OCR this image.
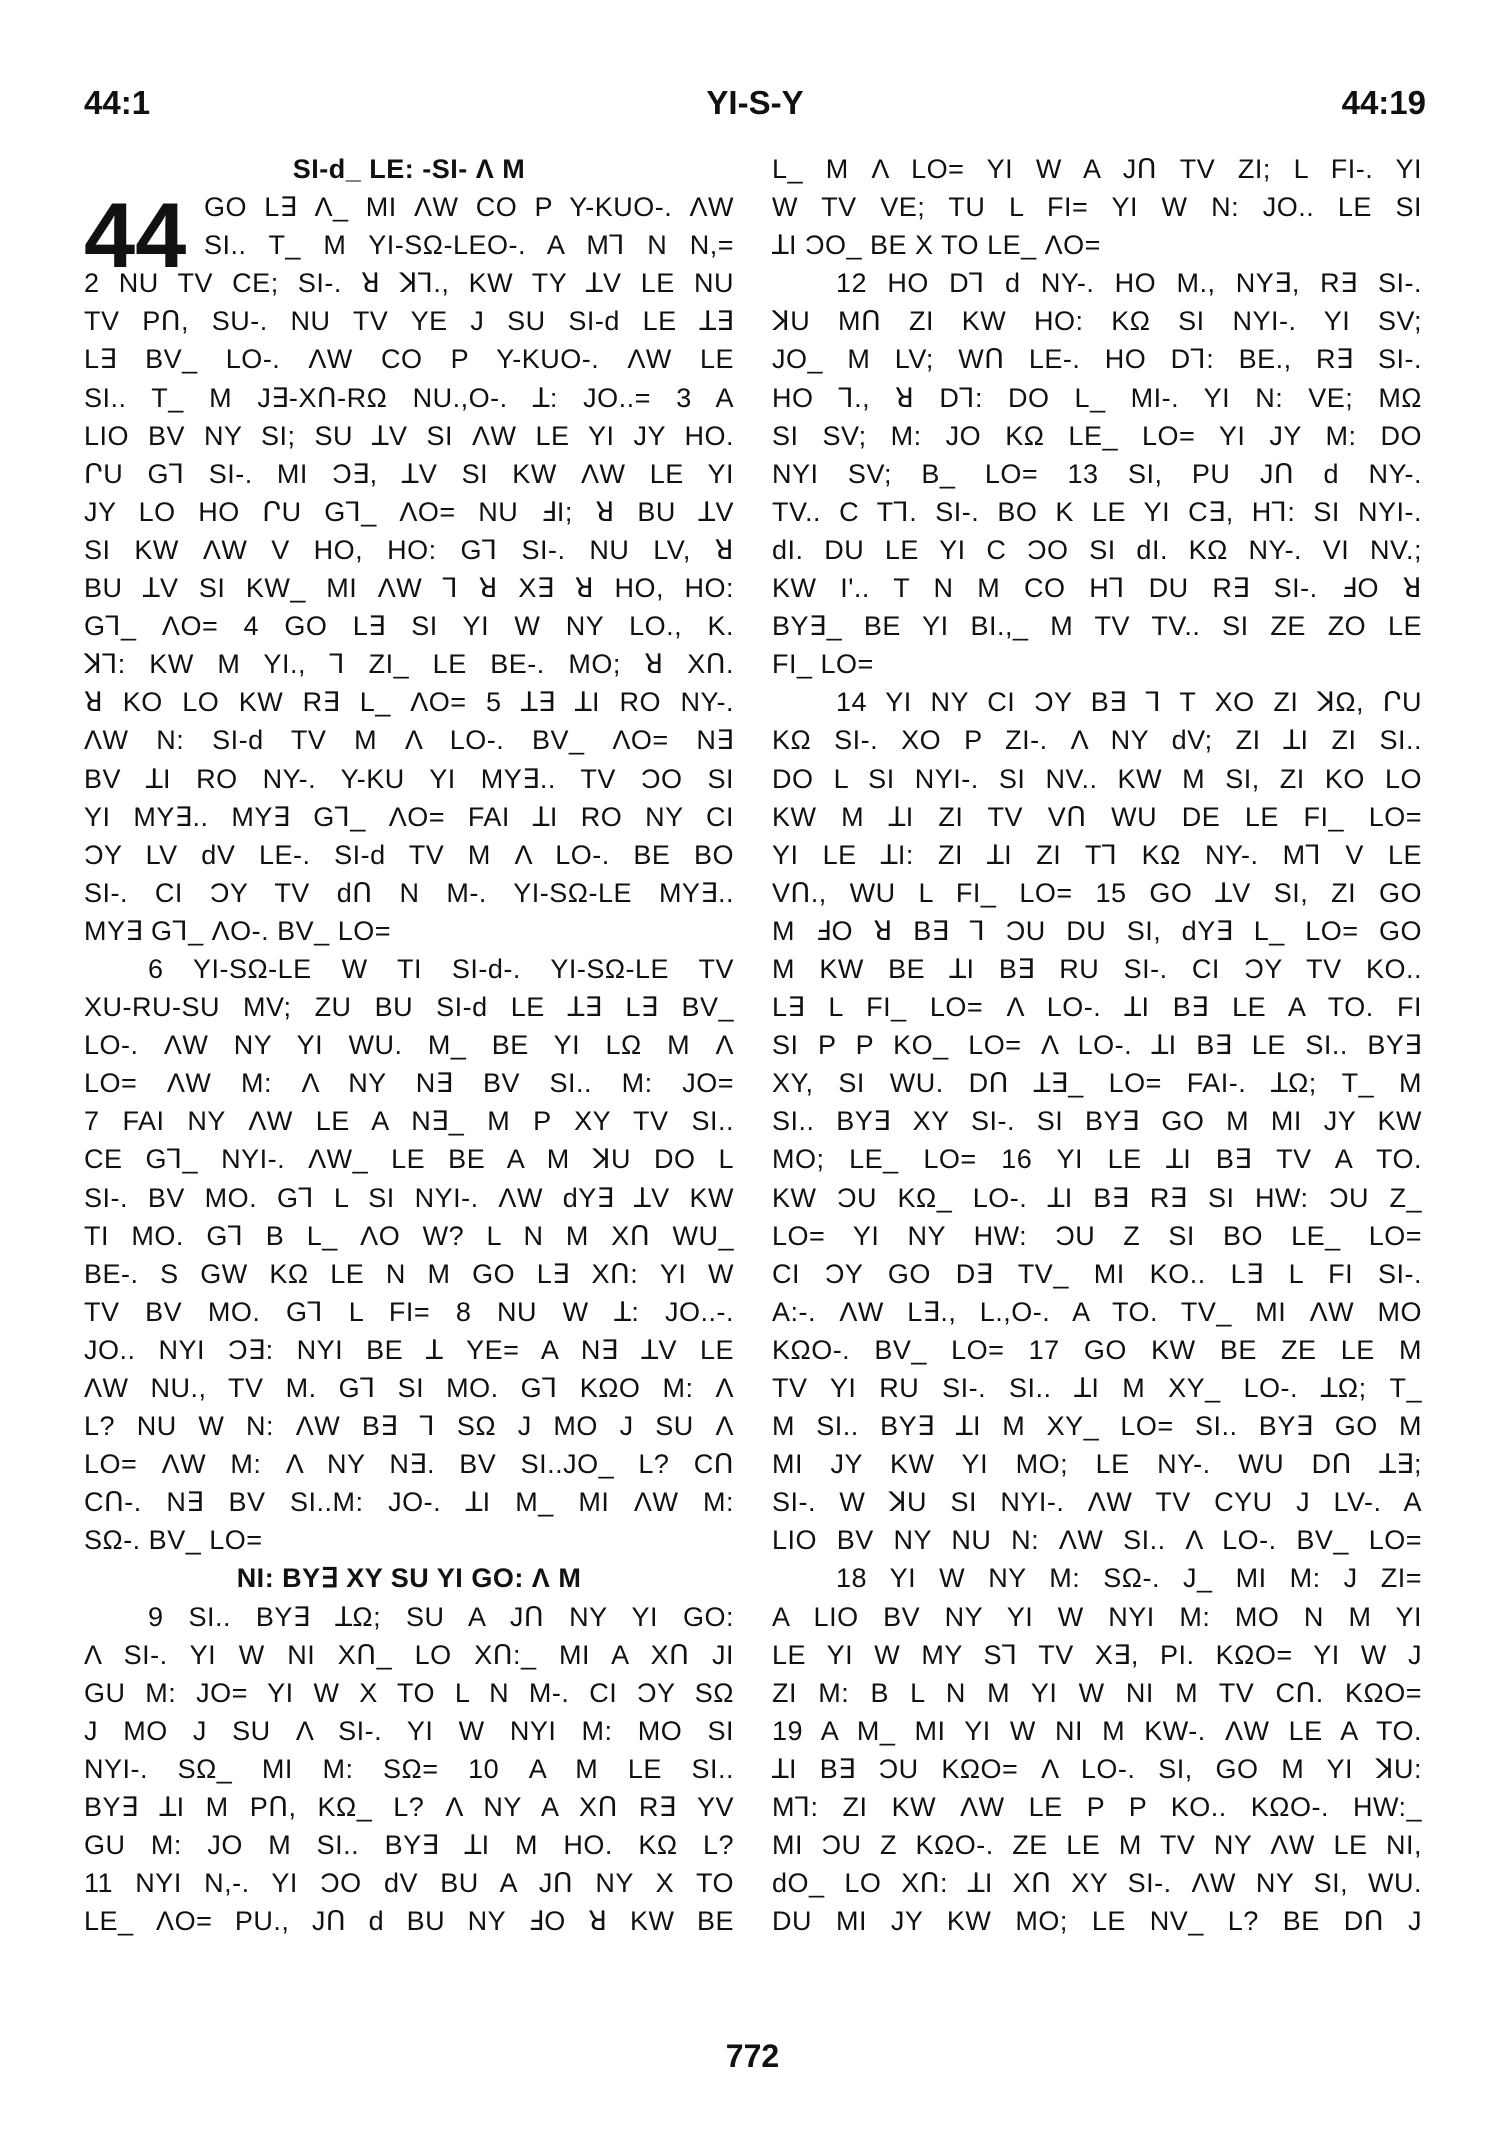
44:1	YI-S-Y	44:19
SI-d_ LE: -SI- Λ M
44 GO L∃ Λ_ MI ΛW CO P Y-KUO-. ΛW
SI.. T_ M YI-SΩ-LEO-. A M⅂ N N,=
2 NU TV CE; SI-. ꓤ ꓘ⅂., KW TY ꓕV LE NU
TV PՈ, SU-. NU TV YE J SU SI-d LE ꓕ∃
L∃ BV_ LO-. ΛW CO P Y-KUO-. ΛW LE
SI.. T_ M J∃-XՈ-RΩ NU.,O-. ꓕ: JO..= 3 A
LIO BV NY SI; SU ꓕV SI ΛW LE YI JY HO.
ՐU G⅂ SI-. MI Ɔ∃, ꓕV SI KW ΛW LE YI
JY LO HO ՐU G⅂_ ΛO= NU ꓞI; ꓤ BU ꓕV
SI KW ΛW V HO, HO: G⅂ SI-. NU LV, ꓤ
BU ꓕV SI KW_ MI ΛW ⅂ ꓤ X∃ ꓤ HO, HO:
G⅂_ ΛO= 4 GO L∃ SI YI W NY LO., K.
ꓘ⅂: KW M YI., ⅂ ZI_ LE BE-. MO; ꓤ XՈ.
ꓤ KO LO KW R∃ L_ ΛO= 5 ꓕ∃ ꓕI RO NY-.
ΛW N: SI-d TV M Λ LO-. BV_ ΛO= N∃
BV ꓕI RO NY-. Y-KU YI MY∃.. TV ƆO SI
YI MY∃.. MY∃ G⅂_ ΛO= FAI ꓕI RO NY CI
ƆY LV dV LE-. SI-d TV M Λ LO-. BE BO
SI-. CI ƆY TV dՈ N M-. YI-SΩ-LE MY∃..
MY∃ G⅂_ ΛO-. BV_ LO=
6 YI-SΩ-LE W TI SI-d-. YI-SΩ-LE TV
XU-RU-SU MV; ZU BU SI-d LE ꓕ∃ L∃ BV_
LO-. ΛW NY YI WU. M_ BE YI LΩ M Λ
LO= ΛW M: Λ NY N∃ BV SI.. M: JO=
7 FAI NY ΛW LE A N∃_ M P XY TV SI..
CE G⅂_ NYI-. ΛW_ LE BE A M ꓘU DO L
SI-. BV MO. G⅂ L SI NYI-. ΛW dY∃ ꓕV KW
TI MO. G⅂ B L_ ΛO W? L N M XՈ WU_
BE-. S GW KΩ LE N M GO L∃ XՈ: YI W
TV BV MO. G⅂ L FI= 8 NU W ꓕ: JO..-.
JO.. NYI Ɔ∃: NYI BE ꓕ YE= A N∃ ꓕV LE
ΛW NU., TV M. G⅂ SI MO. G⅂ KΩO M: Λ
L? NU W N: ΛW B∃ ⅂ SΩ J MO J SU Λ
LO= ΛW M: Λ NY N∃. BV SI..JO_ L? CՈ
CՈ-. N∃ BV SI..M: JO-. ꓕI M_ MI ΛW M:
SΩ-. BV_ LO=
NI: BY∃ XY SU YI GO: Λ M
9 SI.. BY∃ ꓕΩ; SU A JՈ NY YI GO:
Λ SI-. YI W NI XՈ_ LO XՈ:_ MI A XՈ JI
GU M: JO= YI W X TO L N M-. CI ƆY SΩ
J MO J SU Λ SI-. YI W NYI M: MO SI
NYI-. SΩ_ MI M: SΩ= 10 A M LE SI..
BY∃ ꓕI M PՈ, KΩ_ L? Λ NY A XՈ R∃ YV
GU M: JO M SI.. BY∃ ꓕI M HO. KΩ L?
11 NYI N,-. YI ƆO dV BU A JՈ NY X TO
LE_ ΛO= PU., JՈ d BU NY ꓞO ꓤ KW BE
L_ M Λ LO= YI W A JՈ TV ZI; L FI-. YI
W TV VE; TU L FI= YI W N: JO.. LE SI
ꓕI ƆO_ BE X TO LE_ ΛO=
12 HO D⅂ d NY-. HO M., NY∃, R∃ SI-.
ꓘU MՈ ZI KW HO: KΩ SI NYI-. YI SV;
JO_ M LV; WՈ LE-. HO D⅂: BE., R∃ SI-.
HO ⅂., ꓤ D⅂: DO L_ MI-. YI N: VE; MΩ
SI SV; M: JO KΩ LE_ LO= YI JY M: DO
NYI SV; B_ LO= 13 SI, PU JՈ d NY-.
TV.. C T⅂. SI-. BO K LE YI C∃, H⅂: SI NYI-.
dI. DU LE YI C ƆO SI dI. KΩ NY-. VI NV.;
KW I'.. T N M CO H⅂ DU R∃ SI-. ꓞO ꓤ
BY∃_ BE YI BI.,_ M TV TV.. SI ZE ZO LE
FI_ LO=
14 YI NY CI ƆY B∃ ⅂ T XO ZI ꓘΩ, ՐU
KΩ SI-. XO P ZI-. Λ NY dV; ZI ꓕI ZI SI..
DO L SI NYI-. SI NV.. KW M SI, ZI KO LO
KW M ꓕI ZI TV VՈ WU DE LE FI_ LO=
YI LE ꓕI: ZI ꓕI ZI T⅂ KΩ NY-. M⅂ V LE
VՈ., WU L FI_ LO= 15 GO ꓕV SI, ZI GO
M ꓞO ꓤ B∃ ⅂ ƆU DU SI, dY∃ L_ LO= GO
M KW BE ꓕI B∃ RU SI-. CI ƆY TV KO..
L∃ L FI_ LO= Λ LO-. ꓕI B∃ LE A TO. FI
SI P P KO_ LO= Λ LO-. ꓕI B∃ LE SI.. BY∃
XY, SI WU. DՈ ꓕ∃_ LO= FAI-. ꓕΩ; T_ M
SI.. BY∃ XY SI-. SI BY∃ GO M MI JY KW
MO; LE_ LO= 16 YI LE ꓕI B∃ TV A TO.
KW ƆU KΩ_ LO-. ꓕI B∃ R∃ SI HW: ƆU Z_
LO= YI NY HW: ƆU Z SI BO LE_ LO=
CI ƆY GO D∃ TV_ MI KO.. L∃ L FI SI-.
A:-. ΛW L∃., L.,O-. A TO. TV_ MI ΛW MO
KΩO-. BV_ LO= 17 GO KW BE ZE LE M
TV YI RU SI-. SI.. ꓕI M XY_ LO-. ꓕΩ; T_
M SI.. BY∃ ꓕI M XY_ LO= SI.. BY∃ GO M
MI JY KW YI MO; LE NY-. WU DՈ ꓕ∃;
SI-. W ꓘU SI NYI-. ΛW TV CYU J LV-. A
LIO BV NY NU N: ΛW SI.. Λ LO-. BV_ LO=
18 YI W NY M: SΩ-. J_ MI M: J ZI=
A LIO BV NY YI W NYI M: MO N M YI
LE YI W MY S⅂ TV X∃, PI. KΩO= YI W J
ZI M: B L N M YI W NI M TV CՈ. KΩO=
19 A M_ MI YI W NI M KW-. ΛW LE A TO.
ꓕI B∃ ƆU KΩO= Λ LO-. SI, GO M YI ꓘU:
M⅂: ZI KW ΛW LE P P KO.. KΩO-. HW:_
MI ƆU Z KΩO-. ZE LE M TV NY ΛW LE NI,
dO_ LO XՈ: ꓕI XՈ XY SI-. ΛW NY SI, WU.
DU MI JY KW MO; LE NV_ L? BE DՈ J
772
